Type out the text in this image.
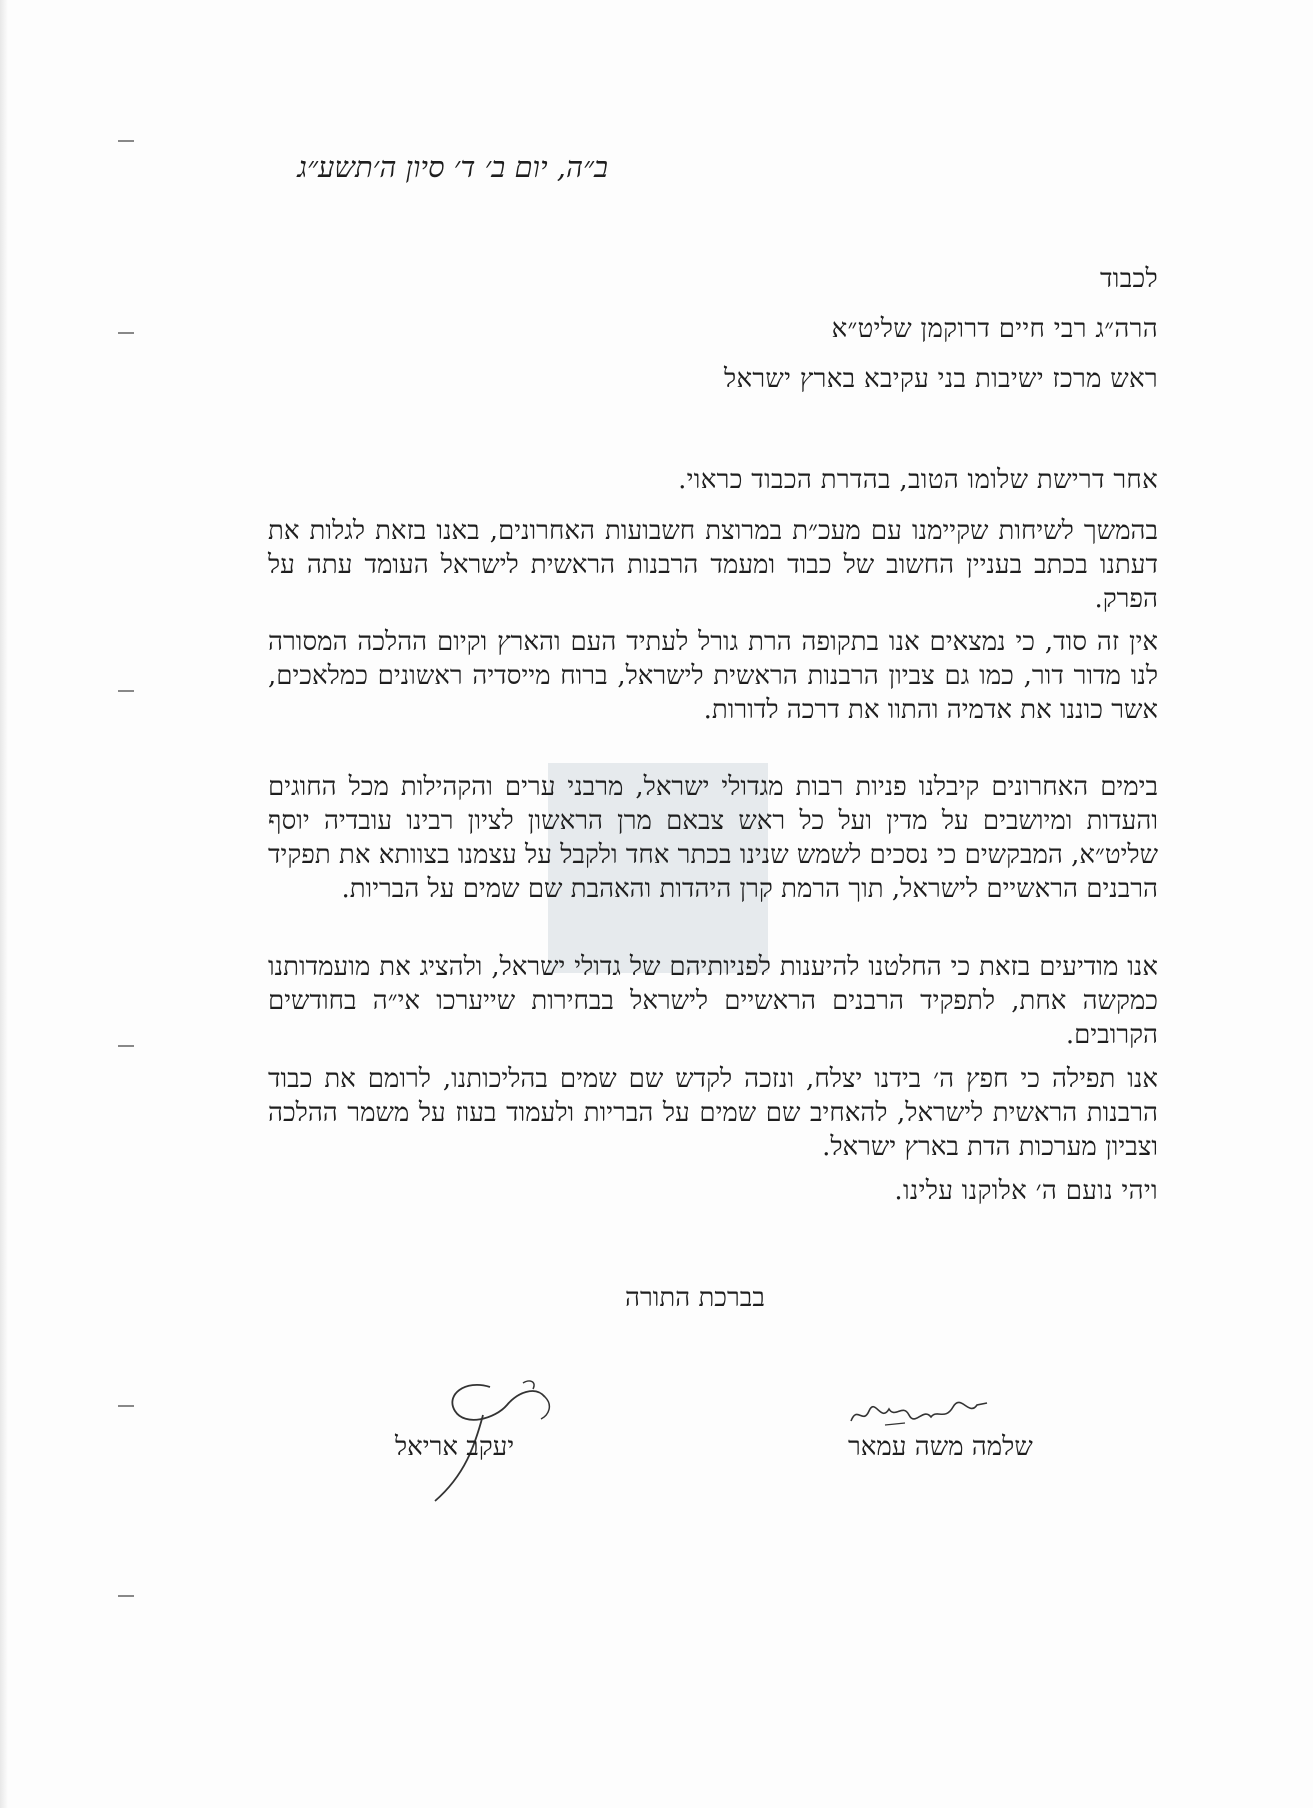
ב״ה, יום ב׳ ד׳ סיון ה׳תשע״ג
לכבוד
הרה״ג רבי חיים דרוקמן שליט״א
ראש מרכז ישיבות בני עקיבא בארץ ישראל
אחר דרישת שלומו הטוב, בהדרת הכבוד כראוי.

בהמשך לשיחות שקיימנו עם מעכ״ת במרוצת חשבועות האחרונים, באנו בזאת לגלות את דעתנו בכתב בעניין החשוב של כבוד ומעמד הרבנות הראשית לישראל העומד עתה על הפרק.

אין זה סוד, כי נמצאים אנו בתקופה הרת גורל לעתיד העם והארץ וקיום ההלכה המסורה לנו מדור דור, כמו גם צביון הרבנות הראשית לישראל, ברוח מייסדיה ראשונים כמלאכים, אשר כוננו את אדמיה והתוו את דרכה לדורות.

בימים האחרונים קיבלנו פניות רבות מגדולי ישראל, מרבני ערים והקהילות מכל החוגים והעדות ומיושבים על מדין ועל כל ראש צבאם מרן הראשון לציון רבינו עובדיה יוסף שליט״א, המבקשים כי נסכים לשמש שנינו בכתר אחד ולקבל על עצמנו בצוותא את תפקיד הרבנים הראשיים לישראל, תוך הרמת קרן היהדות והאהבת שם שמים על הבריות.

אנו מודיעים בזאת כי החלטנו להיענות לפניותיהם של גדולי ישראל, ולהציג את מועמדותנו כמקשה אחת, לתפקיד הרבנים הראשיים לישראל בבחירות שייערכו אי״ה בחודשים הקרובים.

אנו תפילה כי חפץ ה׳ בידנו יצלח, ונזכה לקדש שם שמים בהליכותנו, לרומם את כבוד הרבנות הראשית לישראל, להאחיב שם שמים על הבריות ולעמוד בעוז על משמר ההלכה וצביון מערכות הדת בארץ ישראל.

ויהי נועם ה׳ אלוקנו עלינו.
בברכת התורה
שלמה משה עמאר
יעקב אריאל
